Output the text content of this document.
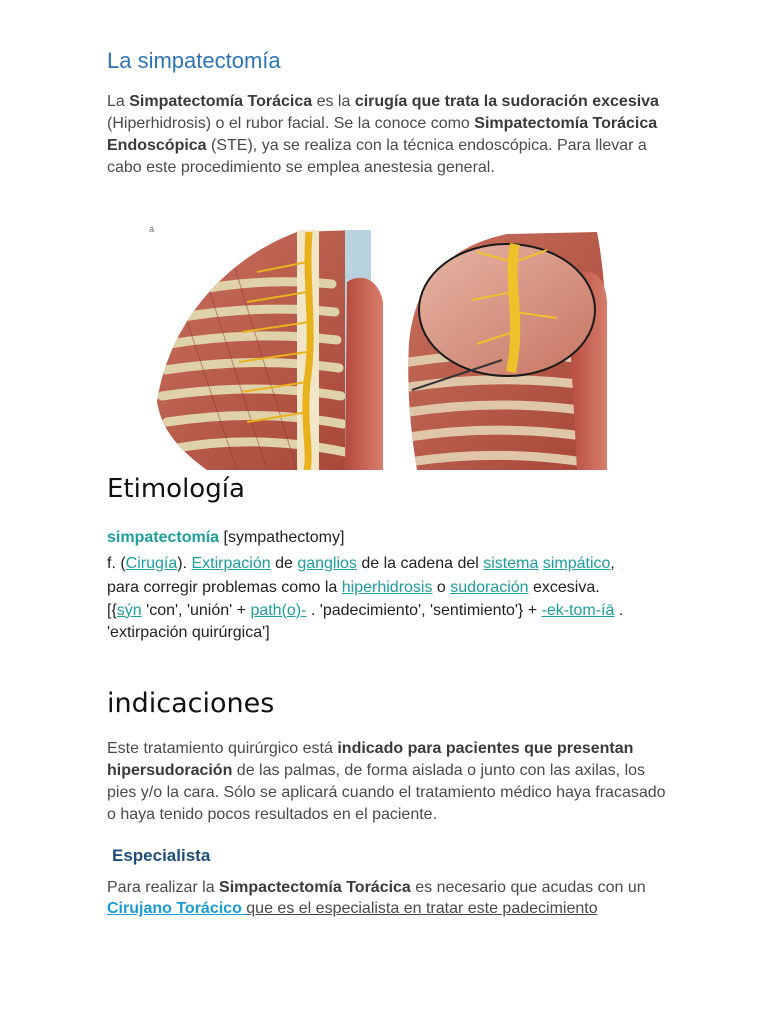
La simpatectomía

La Simpatectomía Torácica es la cirugía que trata la sudoración excesiva (Hiperhidrosis) o el rubor facial. Se la conoce como Simpatectomía Torácica Endoscópica (STE), ya se realiza con la técnica endoscópica. Para llevar a cabo este procedimiento se emplea anestesia general.

a
Etimología
simpatectomía [sympathectomy]
f. (Cirugía). Extirpación de ganglios de la cadena del sistema simpático,
para corregir problemas como la hiperhidrosis o sudoración excesiva.
[{sýn 'con', 'unión' + path(o)- . 'padecimiento', 'sentimiento'} + -ek-tom-íā . 'extirpación quirúrgica']
indicaciones

Este tratamiento quirúrgico está indicado para pacientes que presentan hipersudoración de las palmas, de forma aislada o junto con las axilas, los pies y/o la cara. Sólo se aplicará cuando el tratamiento médico haya fracasado o haya tenido pocos resultados en el paciente.

Especialista

Para realizar la Simpactectomía Torácica es necesario que acudas con un Cirujano Torácico que es el especialista en tratar este padecimiento
